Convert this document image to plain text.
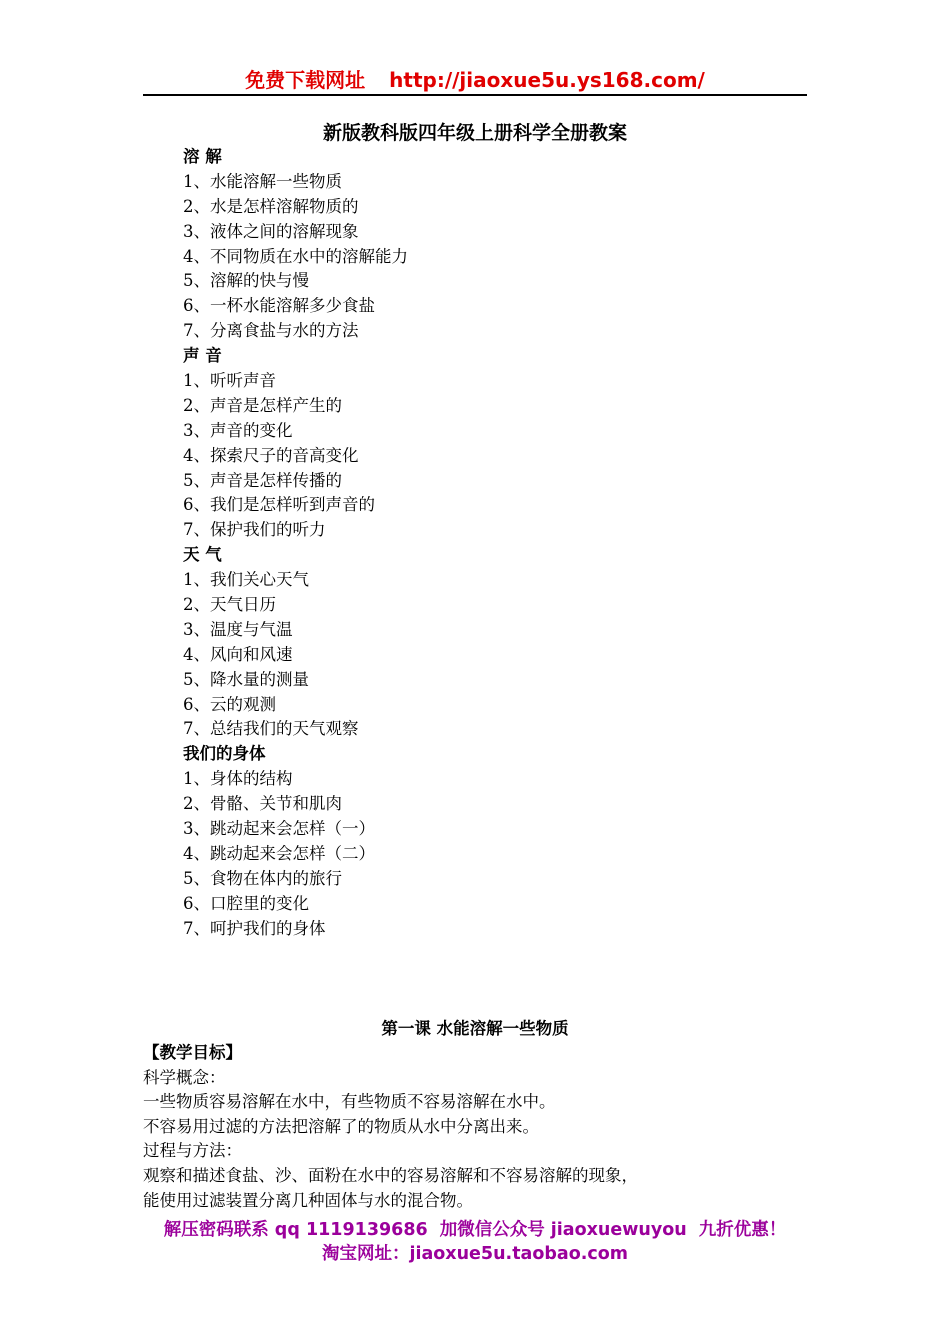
免费下载网址 http://jiaoxue5u.ys168.com/
新版教科版四年级上册科学全册教案
溶 解
1、水能溶解一些物质
2、水是怎样溶解物质的
3、液体之间的溶解现象
4、不同物质在水中的溶解能力
5、溶解的快与慢
6、一杯水能溶解多少食盐
7、分离食盐与水的方法
声 音
1、听听声音
2、声音是怎样产生的
3、声音的变化
4、探索尺子的音高变化
5、声音是怎样传播的
6、我们是怎样听到声音的
7、保护我们的听力
天 气
1、我们关心天气
2、天气日历
3、温度与气温
4、风向和风速
5、降水量的测量
6、云的观测
7、总结我们的天气观察
我们的身体
1、身体的结构
2、骨骼、关节和肌肉
3、跳动起来会怎样（一）
4、跳动起来会怎样（二）
5、食物在体内的旅行
6、口腔里的变化
7、呵护我们的身体
第一课 水能溶解一些物质
【教学目标】
科学概念：
一些物质容易溶解在水中，有些物质不容易溶解在水中。
不容易用过滤的方法把溶解了的物质从水中分离出来。
过程与方法：
观察和描述食盐、沙、面粉在水中的容易溶解和不容易溶解的现象，
能使用过滤装置分离几种固体与水的混合物。
解压密码联系 qq 1119139686 加微信公众号 jiaoxuewuyou 九折优惠！
淘宝网址：jiaoxue5u.taobao.com
